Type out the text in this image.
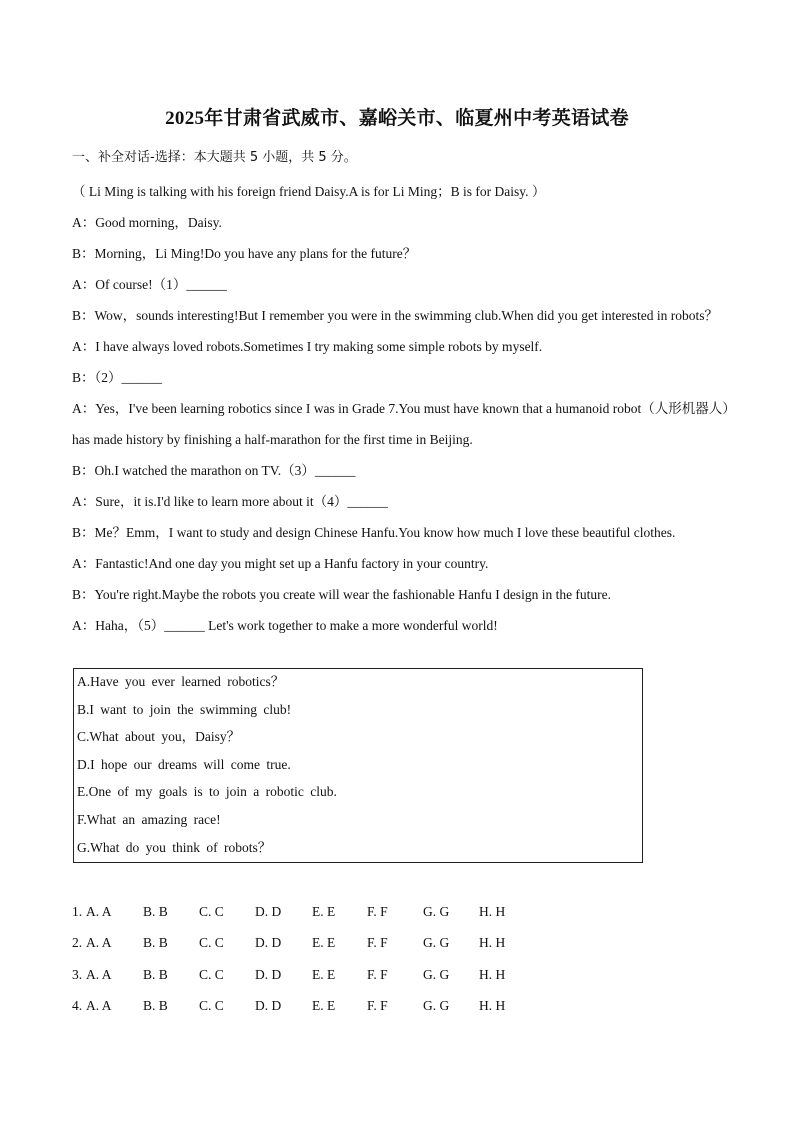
2025年甘肃省武威市、嘉峪关市、临夏州中考英语试卷
一、补全对话-选择：本大题共 5 小题，共 5 分。
（ Li Ming is talking with his foreign friend Daisy.A is for Li Ming；B is for Daisy. ）
A：Good morning，Daisy.
B：Morning，Li Ming!Do you have any plans for the future？
A：Of course!（1）______
B：Wow，sounds interesting!But I remember you were in the swimming club.When did you get interested in robots？
A：I have always loved robots.Sometimes I try making some simple robots by myself.
B：（2）______
A：Yes，I've been learning robotics since I was in Grade 7.You must have known that a humanoid robot（人形机器人）has made history by finishing a half-marathon for the first time in Beijing.
B：Oh.I watched the marathon on TV.（3）______
A：Sure，it is.I'd like to learn more about it（4）______
B：Me？Emm，I want to study and design Chinese Hanfu.You know how much I love these beautiful clothes.
A：Fantastic!And one day you might set up a Hanfu factory in your country.
B：You're right.Maybe the robots you create will wear the fashionable Hanfu I design in the future.
A：Haha，（5）______ Let's work together to make a more wonderful world!
A.Have you ever learned robotics？
B.I want to join the swimming club!
C.What about you，Daisy？
D.I hope our dreams will come true.
E.One of my goals is to join a robotic club.
F.What an amazing race!
G.What do you think of robots？
1. A. A B. B C. C D. D E. E F. F	G. G H. H
2. A. A B. B C. C D. D E. E F. F	G. G H. H
3. A. A B. B C. C D. D E. E F. F	G. G H. H
4. A. A B. B C. C D. D E. E F. F	G. G H. H
